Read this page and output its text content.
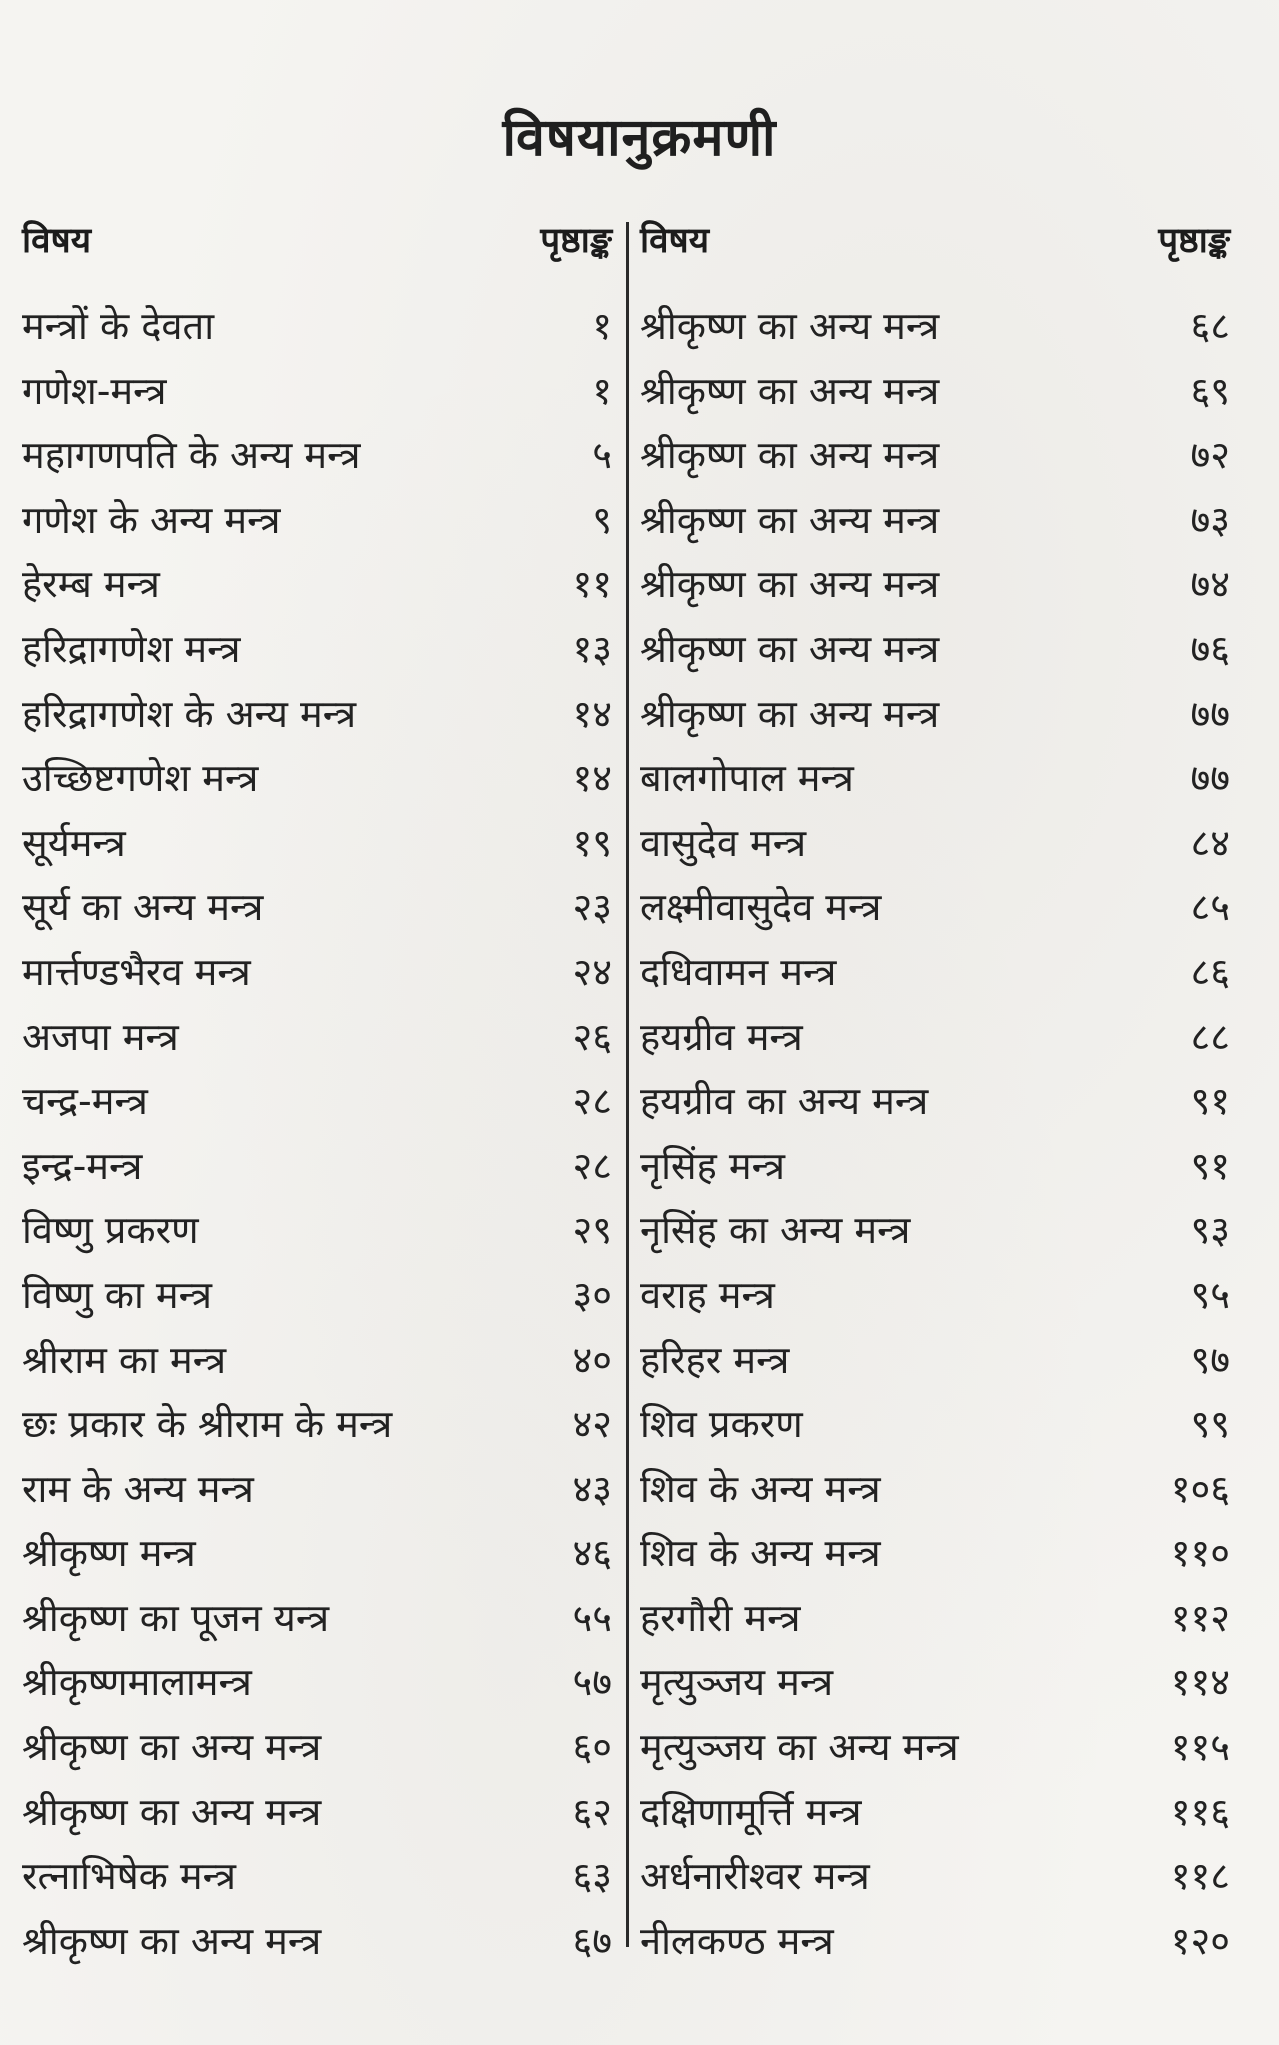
विषयानुक्रमणी
विषय	पृष्ठाङ्क
मन्त्रों के देवता	१
गणेश-मन्त्र	१
महागणपति के अन्य मन्त्र	५
गणेश के अन्य मन्त्र	९
हेरम्ब मन्त्र	११
हरिद्रागणेश मन्त्र	१३
हरिद्रागणेश के अन्य मन्त्र	१४
उच्छिष्टगणेश मन्त्र	१४
सूर्यमन्त्र	१९
सूर्य का अन्य मन्त्र	२३
मार्त्तण्डभैरव मन्त्र	२४
अजपा मन्त्र	२६
चन्द्र-मन्त्र	२८
इन्द्र-मन्त्र	२८
विष्णु प्रकरण	२९
विष्णु का मन्त्र	३०
श्रीराम का मन्त्र	४०
छः प्रकार के श्रीराम के मन्त्र	४२
राम के अन्य मन्त्र	४३
श्रीकृष्ण मन्त्र	४६
श्रीकृष्ण का पूजन यन्त्र	५५
श्रीकृष्णमालामन्त्र	५७
श्रीकृष्ण का अन्य मन्त्र	६०
श्रीकृष्ण का अन्य मन्त्र	६२
रत्नाभिषेक मन्त्र	६३
श्रीकृष्ण का अन्य मन्त्र	६७
विषय	पृष्ठाङ्क
श्रीकृष्ण का अन्य मन्त्र	६८
श्रीकृष्ण का अन्य मन्त्र	६९
श्रीकृष्ण का अन्य मन्त्र	७२
श्रीकृष्ण का अन्य मन्त्र	७३
श्रीकृष्ण का अन्य मन्त्र	७४
श्रीकृष्ण का अन्य मन्त्र	७६
श्रीकृष्ण का अन्य मन्त्र	७७
बालगोपाल मन्त्र	७७
वासुदेव मन्त्र	८४
लक्ष्मीवासुदेव मन्त्र	८५
दधिवामन मन्त्र	८६
हयग्रीव मन्त्र	८८
हयग्रीव का अन्य मन्त्र	९१
नृसिंह मन्त्र	९१
नृसिंह का अन्य मन्त्र	९३
वराह मन्त्र	९५
हरिहर मन्त्र	९७
शिव प्रकरण	९९
शिव के अन्य मन्त्र	१०६
शिव के अन्य मन्त्र	११०
हरगौरी मन्त्र	११२
मृत्युञ्जय मन्त्र	११४
मृत्युञ्जय का अन्य मन्त्र	११५
दक्षिणामूर्त्ति मन्त्र	११६
अर्धनारीश्वर मन्त्र	११८
नीलकण्ठ मन्त्र	१२०
